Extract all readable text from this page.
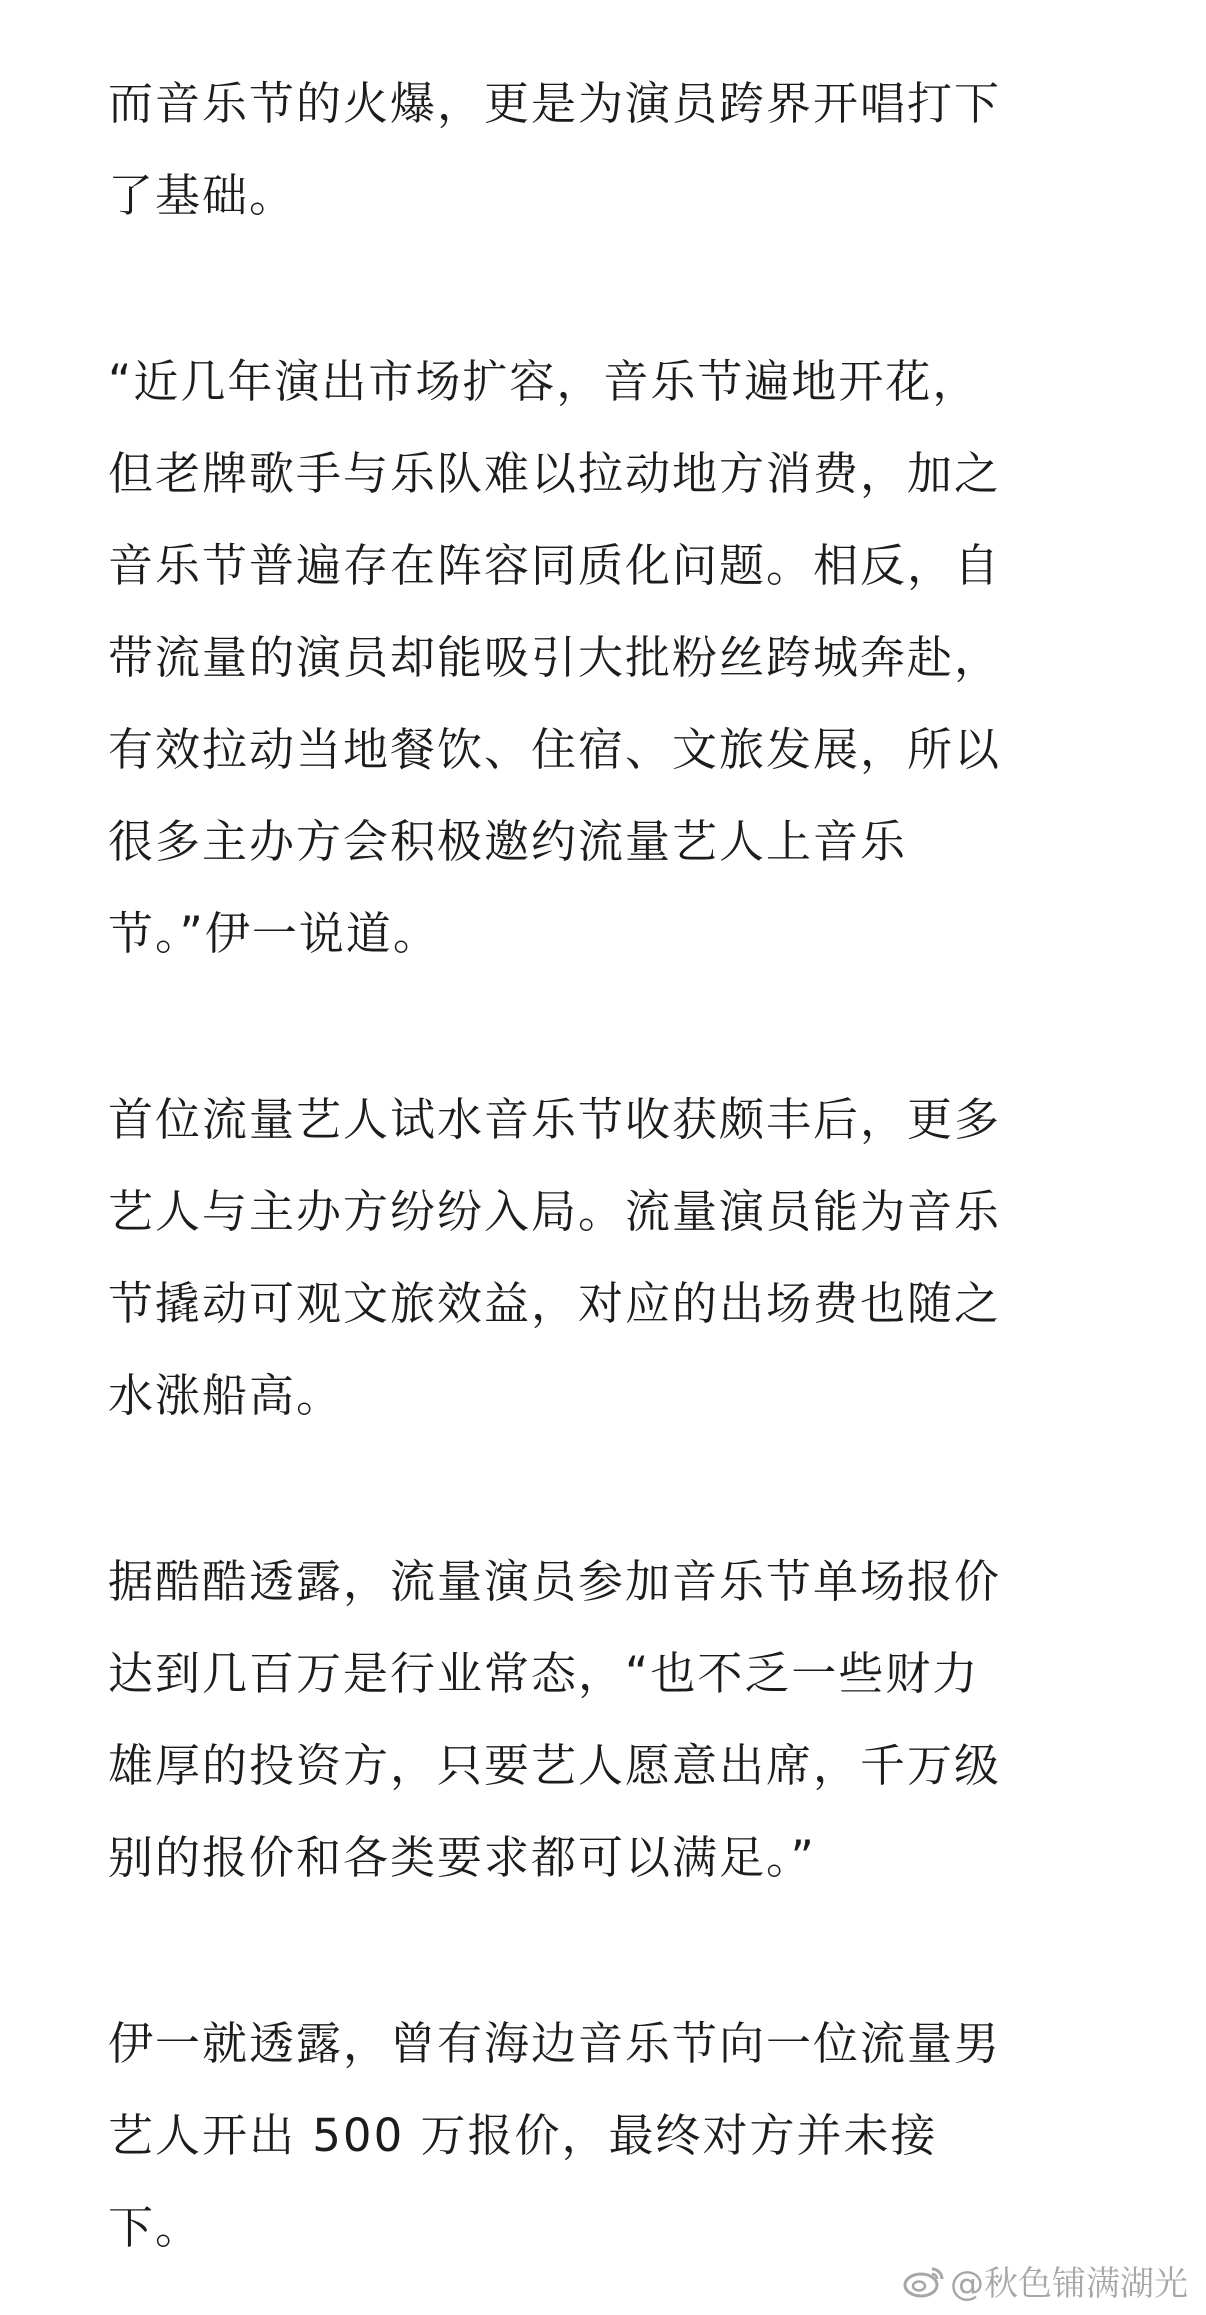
而音乐节的火爆，更是为演员跨界开唱打下
了基础。

“近几年演出市场扩容，音乐节遍地开花，
但老牌歌手与乐队难以拉动地方消费，加之
音乐节普遍存在阵容同质化问题。相反，自
带流量的演员却能吸引大批粉丝跨城奔赴，
有效拉动当地餐饮、住宿、文旅发展，所以
很多主办方会积极邀约流量艺人上音乐
节。”伊一说道。

首位流量艺人试水音乐节收获颇丰后，更多
艺人与主办方纷纷入局。流量演员能为音乐
节撬动可观文旅效益，对应的出场费也随之
水涨船高。

据酷酷透露，流量演员参加音乐节单场报价
达到几百万是行业常态，“也不乏一些财力
雄厚的投资方，只要艺人愿意出席，千万级
别的报价和各类要求都可以满足。”

伊一就透露，曾有海边音乐节向一位流量男
艺人开出 500 万报价，最终对方并未接
下。

@秋色铺满湖光
